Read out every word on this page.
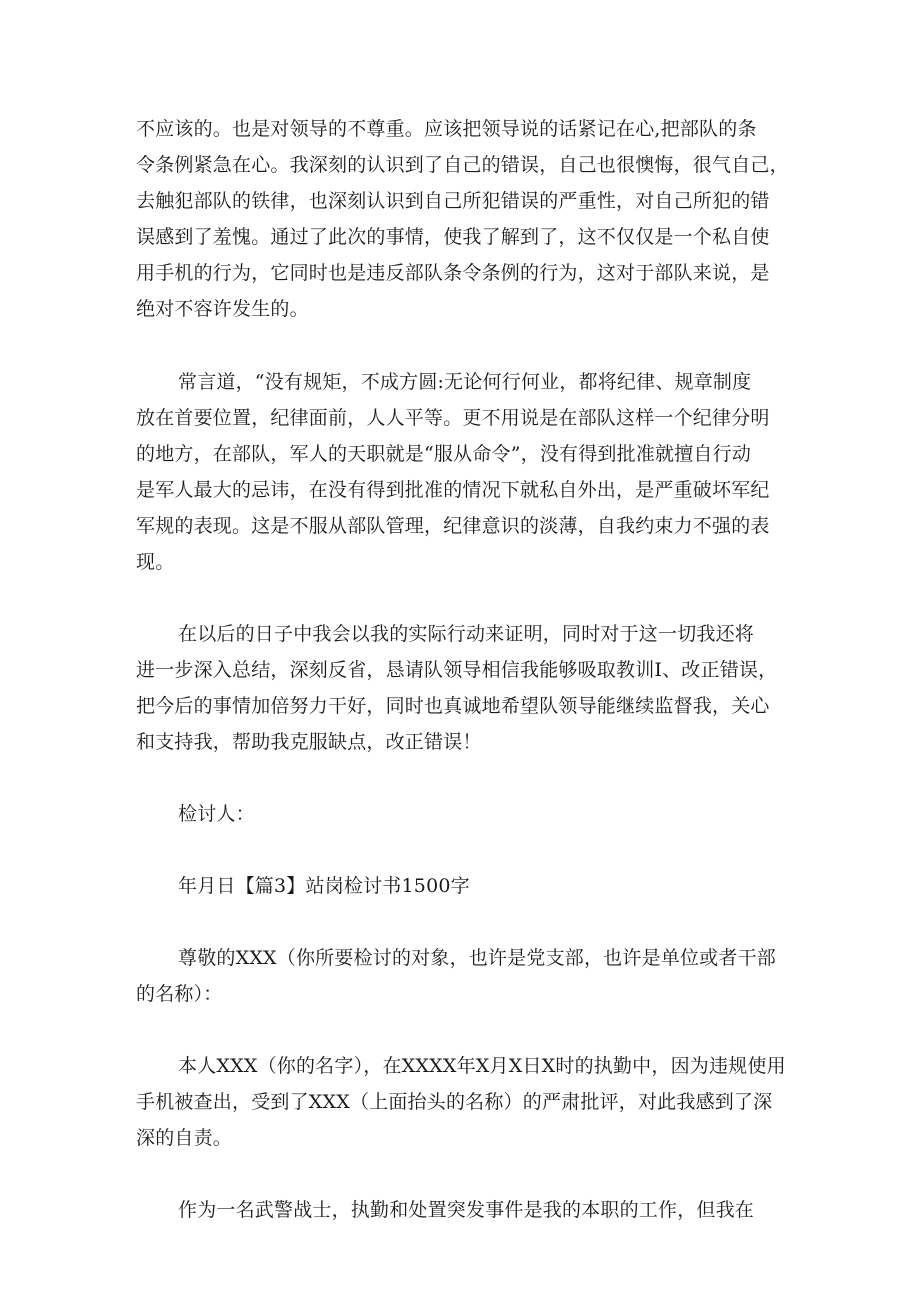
不应该的。也是对领导的不尊重。应该把领导说的话紧记在心,把部队的条
令条例紧急在心。我深刻的认识到了自己的错误，自己也很懊悔，很气自己，
去触犯部队的铁律，也深刻认识到自己所犯错误的严重性，对自己所犯的错
误感到了羞愧。通过了此次的事情，使我了解到了，这不仅仅是一个私自使
用手机的行为，它同时也是违反部队条令条例的行为，这对于部队来说，是
绝对不容许发生的。
常言道，“没有规矩，不成方圆:无论何行何业，都将纪律、规章制度
放在首要位置，纪律面前，人人平等。更不用说是在部队这样一个纪律分明
的地方，在部队，军人的天职就是“服从命令”，没有得到批准就擅自行动
是军人最大的忌讳，在没有得到批准的情况下就私自外出，是严重破坏军纪
军规的表现。这是不服从部队管理，纪律意识的淡薄，自我约束力不强的表
现。
在以后的日子中我会以我的实际行动来证明，同时对于这一切我还将
进一步深入总结，深刻反省，恳请队领导相信我能够吸取教训I、改正错误，
把今后的事情加倍努力干好，同时也真诚地希望队领导能继续监督我，关心
和支持我，帮助我克服缺点，改正错误！
检讨人：
年月日【篇3】站岗检讨书1500字
尊敬的XXX（你所要检讨的对象，也许是党支部，也许是单位或者干部
的名称）：
本人XXX（你的名字），在XXXX年X月X日X时的执勤中，因为违规使用
手机被查出，受到了XXX（上面抬头的名称）的严肃批评，对此我感到了深
深的自责。
作为一名武警战士，执勤和处置突发事件是我的本职的工作，但我在
